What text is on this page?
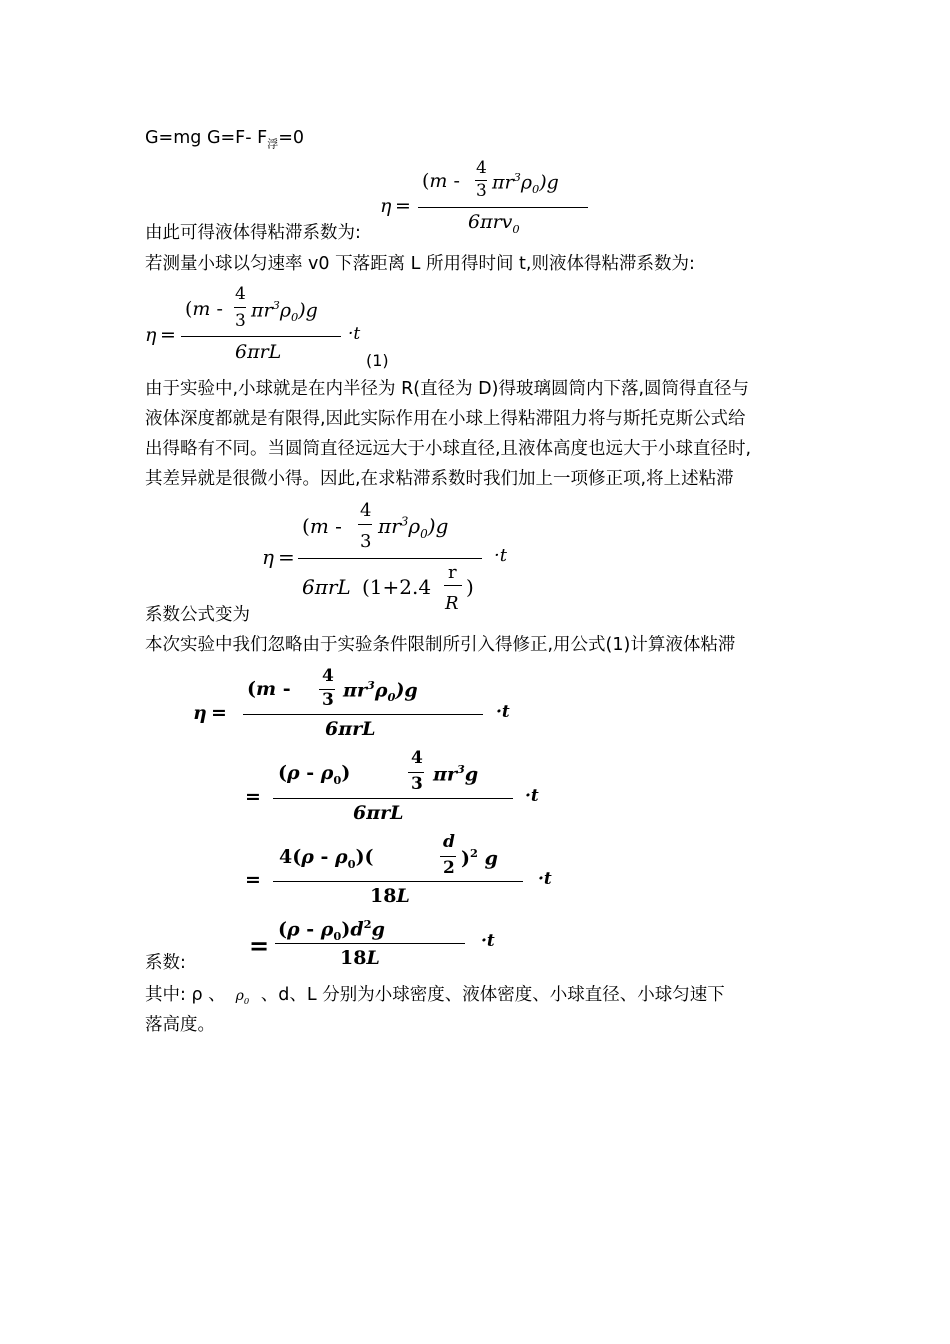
G=mg G=F- $F_浮=0$
由此可得液体得粘滞系数为:
若测量小球以匀速率 v0 下落距离 L 所用得时间 t,则液体得粘滞系数为:
(1)
由于实验中,小球就是在内半径为 R(直径为 D)得玻璃圆筒内下落,圆筒得直径与
液体深度都就是有限得,因此实际作用在小球上得粘滞阻力将与斯托克斯公式给
出得略有不同。当圆筒直径远远大于小球直径,且液体高度也远大于小球直径时,
其差异就是很微小得。因此,在求粘滞系数时我们加上一项修正项,将上述粘滞
系数公式变为
本次实验中我们忽略由于实验条件限制所引入得修正,用公式(1)计算液体粘滞
系数:
其中: ρ 、 $\rho_0$ 、d、L 分别为小球密度、液体密度、小球直径、小球匀速下
落高度。
η =
(m -
4
3 $\pi r^3\rho_0)g$
6πrv$_0$
η =
(m -
4
3 $\pi r^3\rho_0)g$
6πrL
·t
η =
(m -
4
3
$\pi r^3\rho_0)g$
6πrL (1+2.4
r
R
)
·t
η =
(m -
4
3 $\pi r^3\rho_0)g$
6πrL
·t
=
$(\rho - \rho_0)$
4
3 $\pi r^3g$
6πrL
·t
=
$4(\rho - \rho_0)$(
d
2 )$^2$ g
18L
·t
=
$(\rho - \rho_0)d^2g$
18L
·t
